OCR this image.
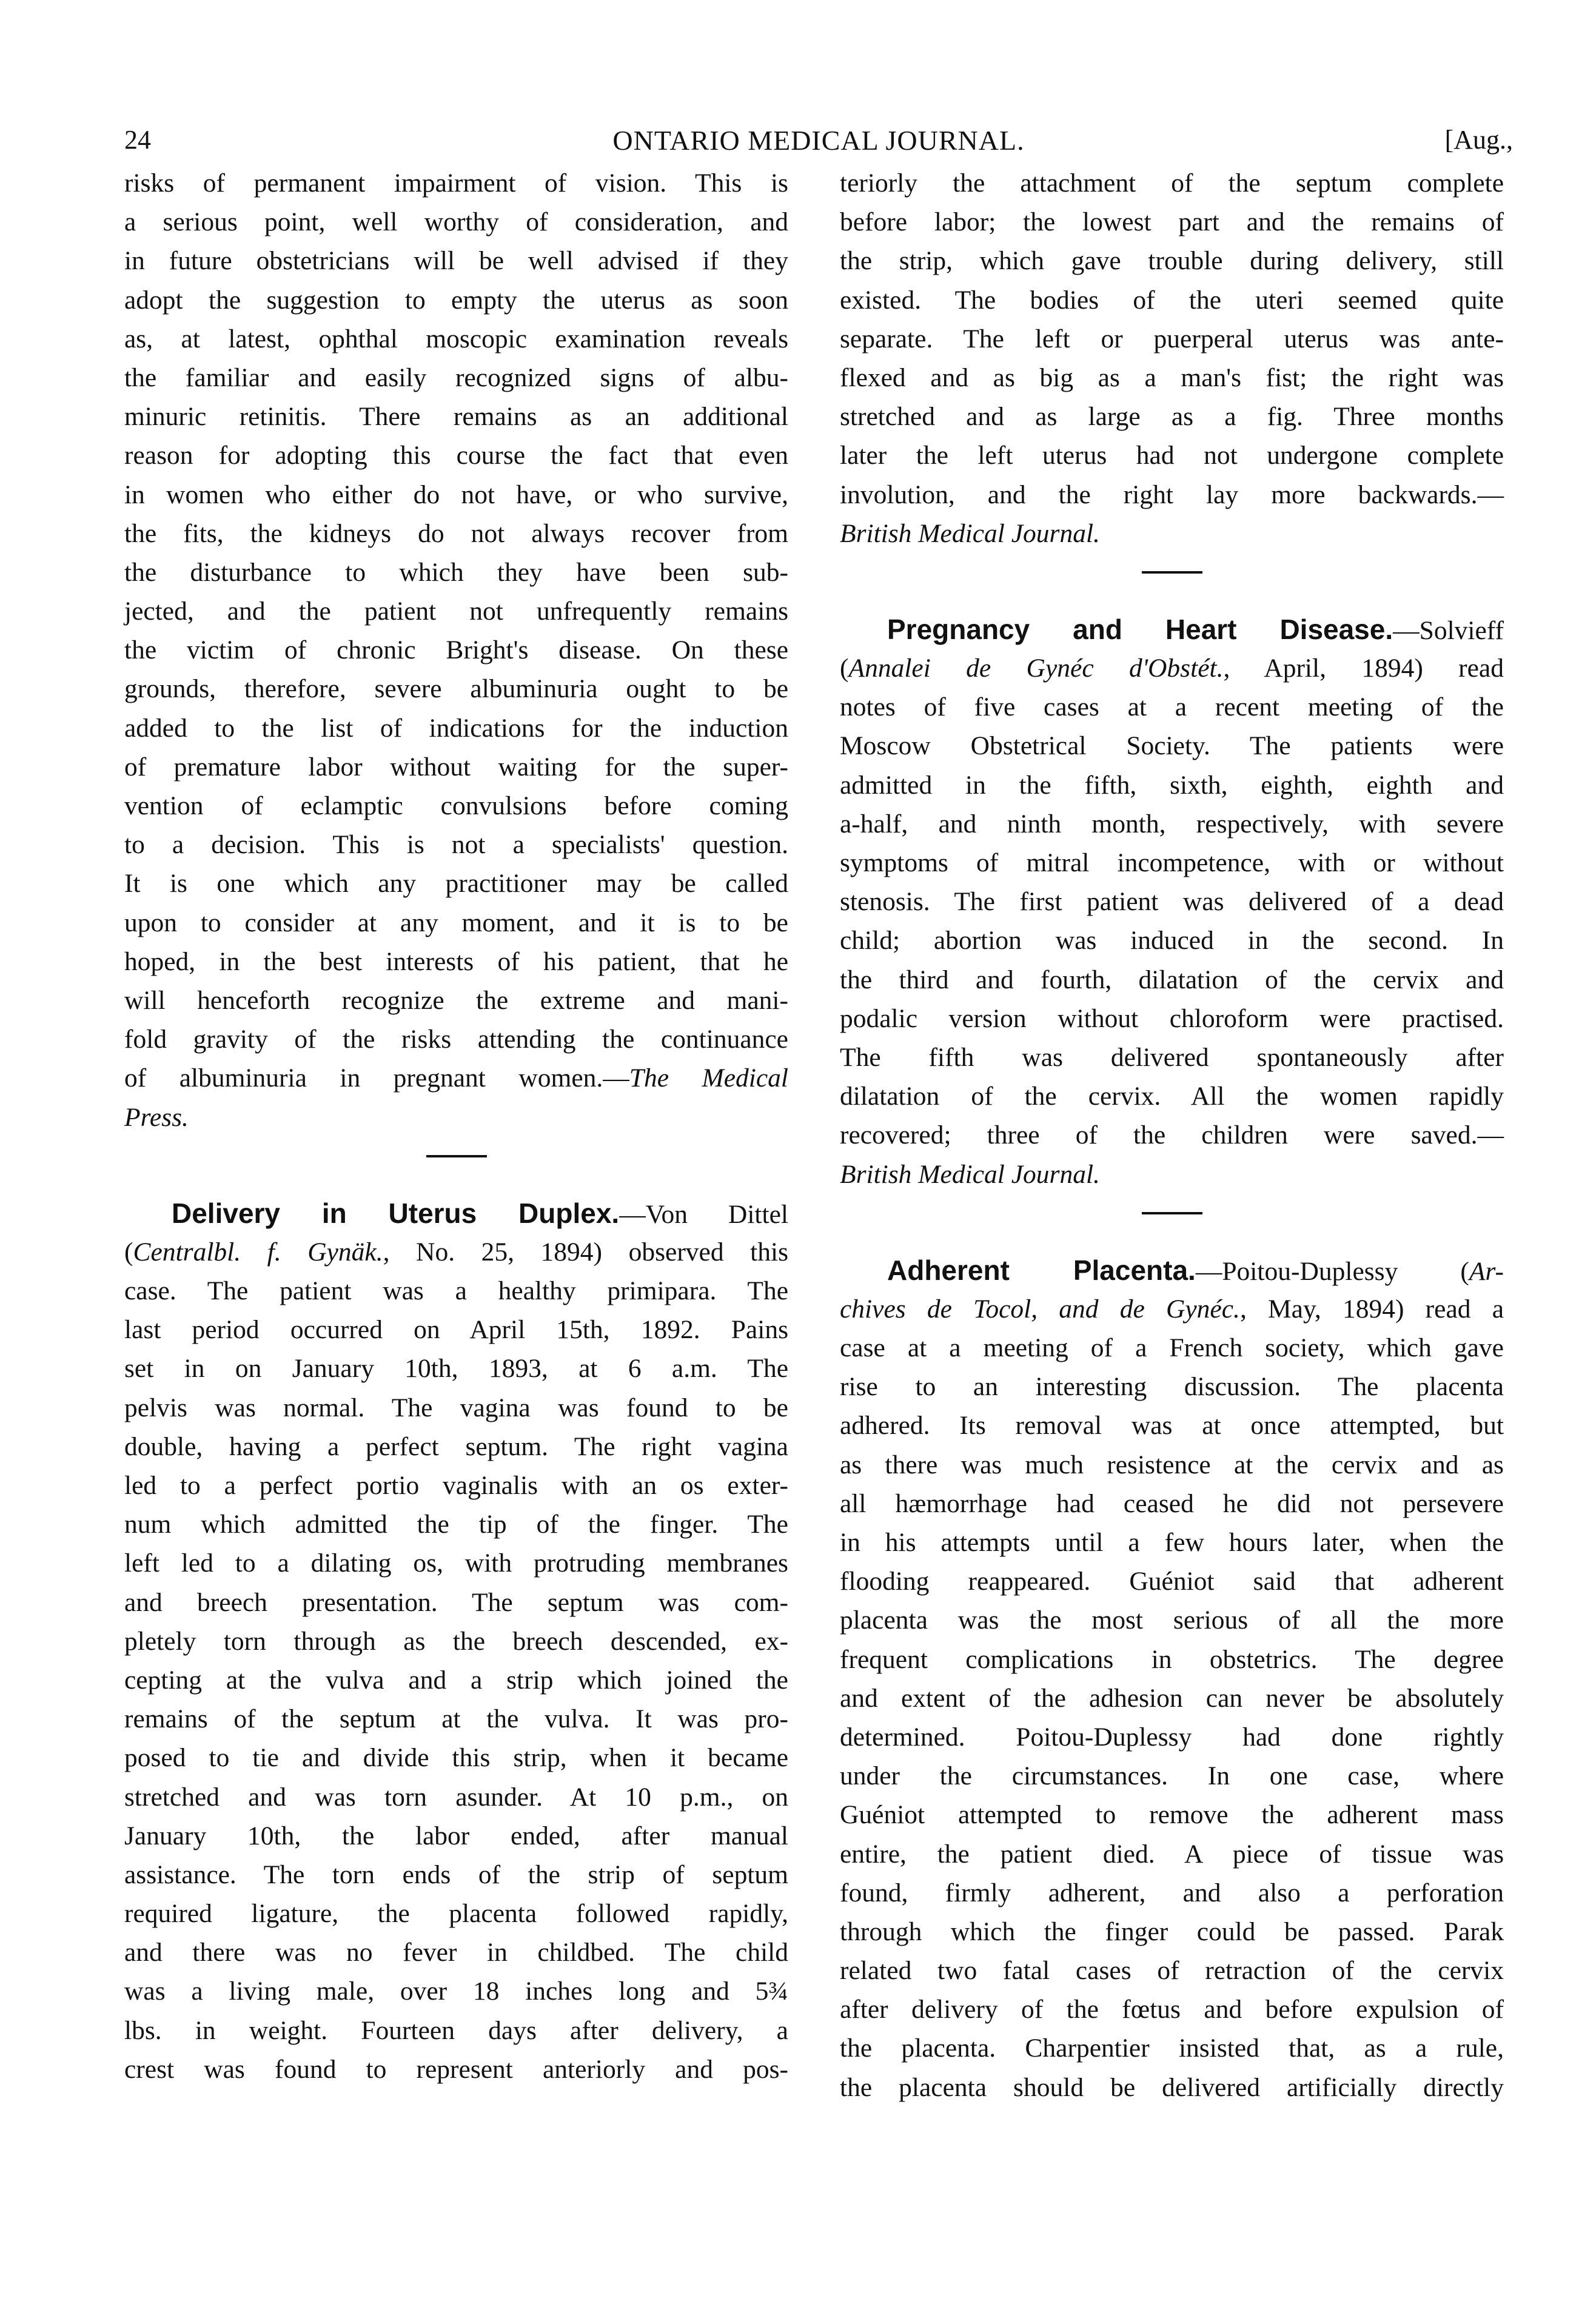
24	ONTARIO MEDICAL JOURNAL.	[Aug.,
risks of permanent impairment of vision. This is
a serious point, well worthy of consideration, and
in future obstetricians will be well advised if they
adopt the suggestion to empty the uterus as soon
as, at latest, ophthal moscopic examination reveals
the familiar and easily recognized signs of albu-
minuric retinitis. There remains as an additional
reason for adopting this course the fact that even
in women who either do not have, or who survive,
the fits, the kidneys do not always recover from
the disturbance to which they have been sub-
jected, and the patient not unfrequently remains
the victim of chronic Bright's disease. On these
grounds, therefore, severe albuminuria ought to be
added to the list of indications for the induction
of premature labor without waiting for the super-
vention of eclamptic convulsions before coming
to a decision. This is not a specialists' question.
It is one which any practitioner may be called
upon to consider at any moment, and it is to be
hoped, in the best interests of his patient, that he
will henceforth recognize the extreme and mani-
fold gravity of the risks attending the continuance
of albuminuria in pregnant women.—The Medical
Press.
Delivery in Uterus Duplex.—Von Dittel
(Centralbl. f. Gynäk., No. 25, 1894) observed this
case. The patient was a healthy primipara. The
last period occurred on April 15th, 1892. Pains
set in on January 10th, 1893, at 6 a.m. The
pelvis was normal. The vagina was found to be
double, having a perfect septum. The right vagina
led to a perfect portio vaginalis with an os exter-
num which admitted the tip of the finger. The
left led to a dilating os, with protruding membranes
and breech presentation. The septum was com-
pletely torn through as the breech descended, ex-
cepting at the vulva and a strip which joined the
remains of the septum at the vulva. It was pro-
posed to tie and divide this strip, when it became
stretched and was torn asunder. At 10 p.m., on
January 10th, the labor ended, after manual
assistance. The torn ends of the strip of septum
required ligature, the placenta followed rapidly,
and there was no fever in childbed. The child
was a living male, over 18 inches long and 5¾
lbs. in weight. Fourteen days after delivery, a
crest was found to represent anteriorly and pos-
teriorly the attachment of the septum complete
before labor; the lowest part and the remains of
the strip, which gave trouble during delivery, still
existed. The bodies of the uteri seemed quite
separate. The left or puerperal uterus was ante-
flexed and as big as a man's fist; the right was
stretched and as large as a fig. Three months
later the left uterus had not undergone complete
involution, and the right lay more backwards.—
British Medical Journal.
Pregnancy and Heart Disease.—Solvieff
(Annalei de Gynéc d'Obstét., April, 1894) read
notes of five cases at a recent meeting of the
Moscow Obstetrical Society. The patients were
admitted in the fifth, sixth, eighth, eighth and
a-half, and ninth month, respectively, with severe
symptoms of mitral incompetence, with or without
stenosis. The first patient was delivered of a dead
child; abortion was induced in the second. In
the third and fourth, dilatation of the cervix and
podalic version without chloroform were practised.
The fifth was delivered spontaneously after
dilatation of the cervix. All the women rapidly
recovered; three of the children were saved.—
British Medical Journal.
Adherent Placenta.—Poitou-Duplessy (Ar-
chives de Tocol, and de Gynéc., May, 1894) read a
case at a meeting of a French society, which gave
rise to an interesting discussion. The placenta
adhered. Its removal was at once attempted, but
as there was much resistence at the cervix and as
all hæmorrhage had ceased he did not persevere
in his attempts until a few hours later, when the
flooding reappeared. Guéniot said that adherent
placenta was the most serious of all the more
frequent complications in obstetrics. The degree
and extent of the adhesion can never be absolutely
determined. Poitou-Duplessy had done rightly
under the circumstances. In one case, where
Guéniot attempted to remove the adherent mass
entire, the patient died. A piece of tissue was
found, firmly adherent, and also a perforation
through which the finger could be passed. Parak
related two fatal cases of retraction of the cervix
after delivery of the fœtus and before expulsion of
the placenta. Charpentier insisted that, as a rule,
the placenta should be delivered artificially directly
